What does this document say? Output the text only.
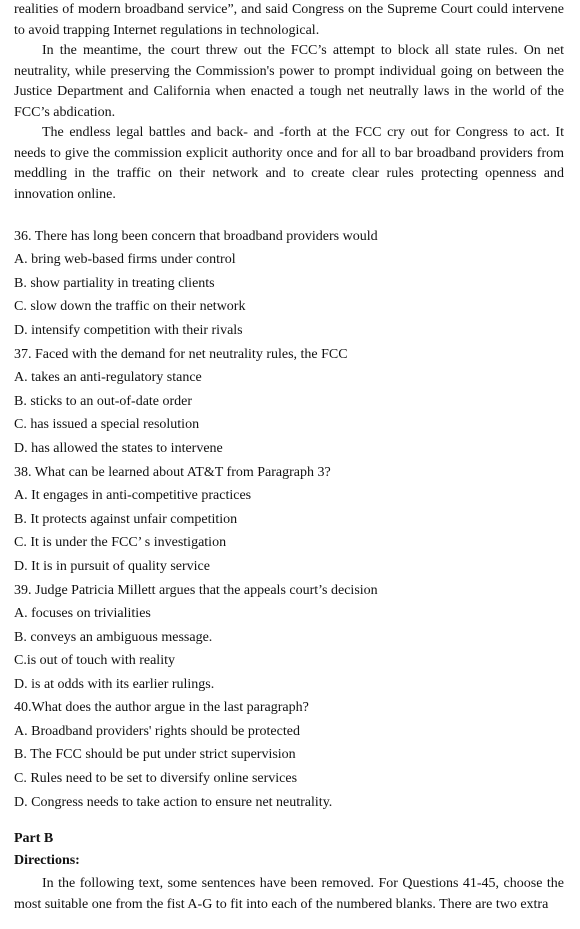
realities of modern broadband service”, and said Congress on the Supreme Court could intervene to avoid trapping Internet regulations in technological.

In the meantime, the court threw out the FCC’s attempt to block all state rules. On net neutrality, while preserving the Commission's power to prompt individual going on between the Justice Department and California when enacted a tough net neutrally laws in the world of the FCC’s abdication.

The endless legal battles and back- and -forth at the FCC cry out for Congress to act. It needs to give the commission explicit authority once and for all to bar broadband providers from meddling in the traffic on their network and to create clear rules protecting openness and innovation online.

36. There has long been concern that broadband providers would

A. bring web-based firms under control

B. show partiality in treating clients

C. slow down the traffic on their network

D. intensify competition with their rivals

37. Faced with the demand for net neutrality rules, the FCC

A. takes an anti-regulatory stance

B. sticks to an out-of-date order

C. has issued a special resolution

D. has allowed the states to intervene

38. What can be learned about AT&T from Paragraph 3?

A. It engages in anti-competitive practices

B. It protects against unfair competition

C. It is under the FCC’ s investigation

D. It is in pursuit of quality service

39. Judge Patricia Millett argues that the appeals court’s decision

A. focuses on trivialities

B. conveys an ambiguous message.

C.is out of touch with reality

D. is at odds with its earlier rulings.

40.What does the author argue in the last paragraph?

A. Broadband providers' rights should be protected

B. The FCC should be put under strict supervision

C. Rules need to be set to diversify online services

D. Congress needs to take action to ensure net neutrality.

Part B

Directions:

In the following text, some sentences have been removed. For Questions 41-45, choose the most suitable one from the fist A-G to fit into each of the numbered blanks. There are two extra
